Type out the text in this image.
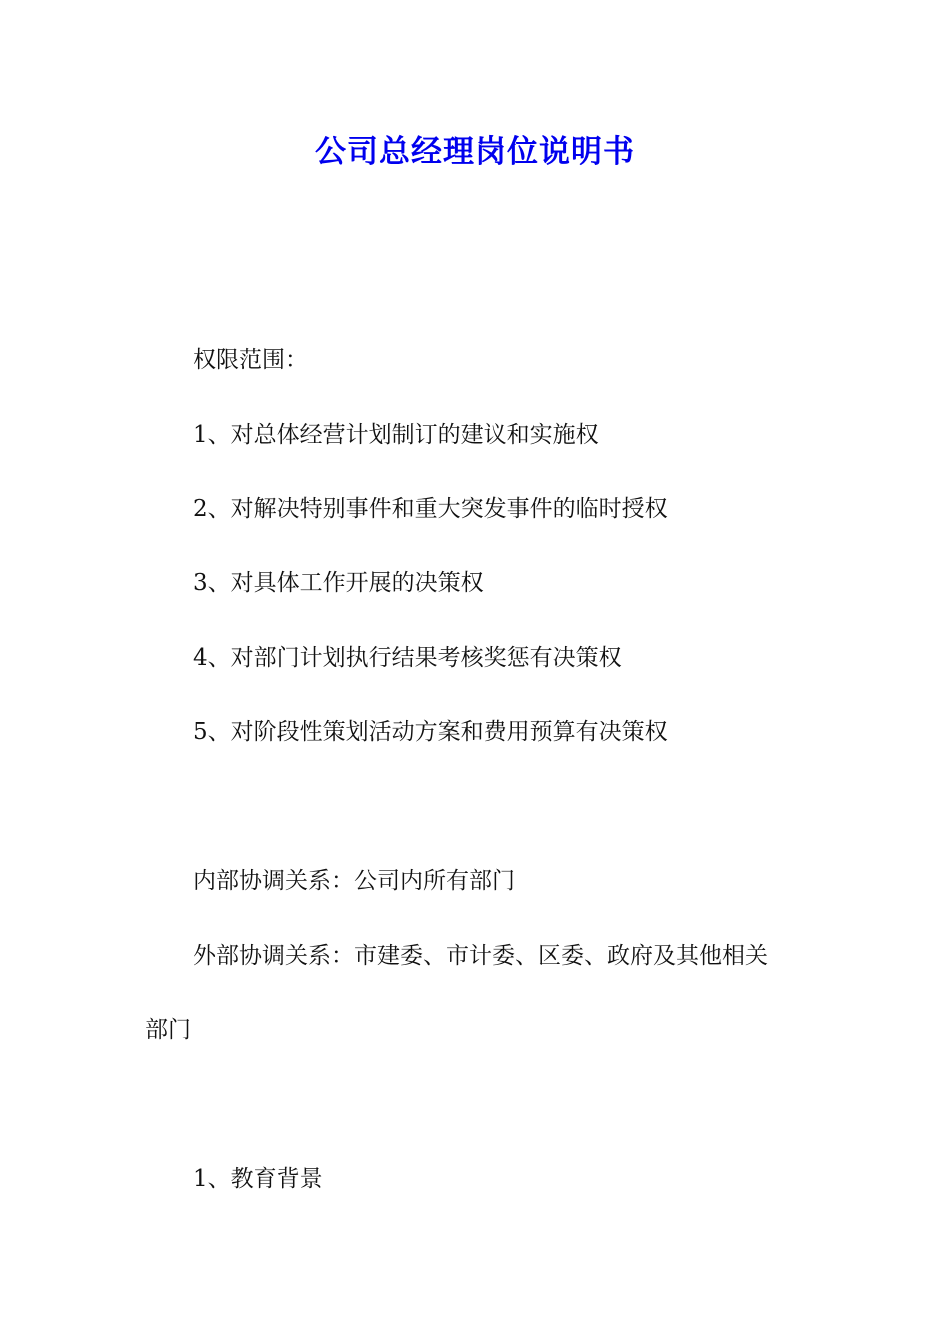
公司总经理岗位说明书

权限范围：

1、对总体经营计划制订的建议和实施权

2、对解决特别事件和重大突发事件的临时授权

3、对具体工作开展的决策权

4、对部门计划执行结果考核奖惩有决策权

5、对阶段性策划活动方案和费用预算有决策权

内部协调关系：公司内所有部门

外部协调关系：市建委、市计委、区委、政府及其他相关

部门

1、教育背景
